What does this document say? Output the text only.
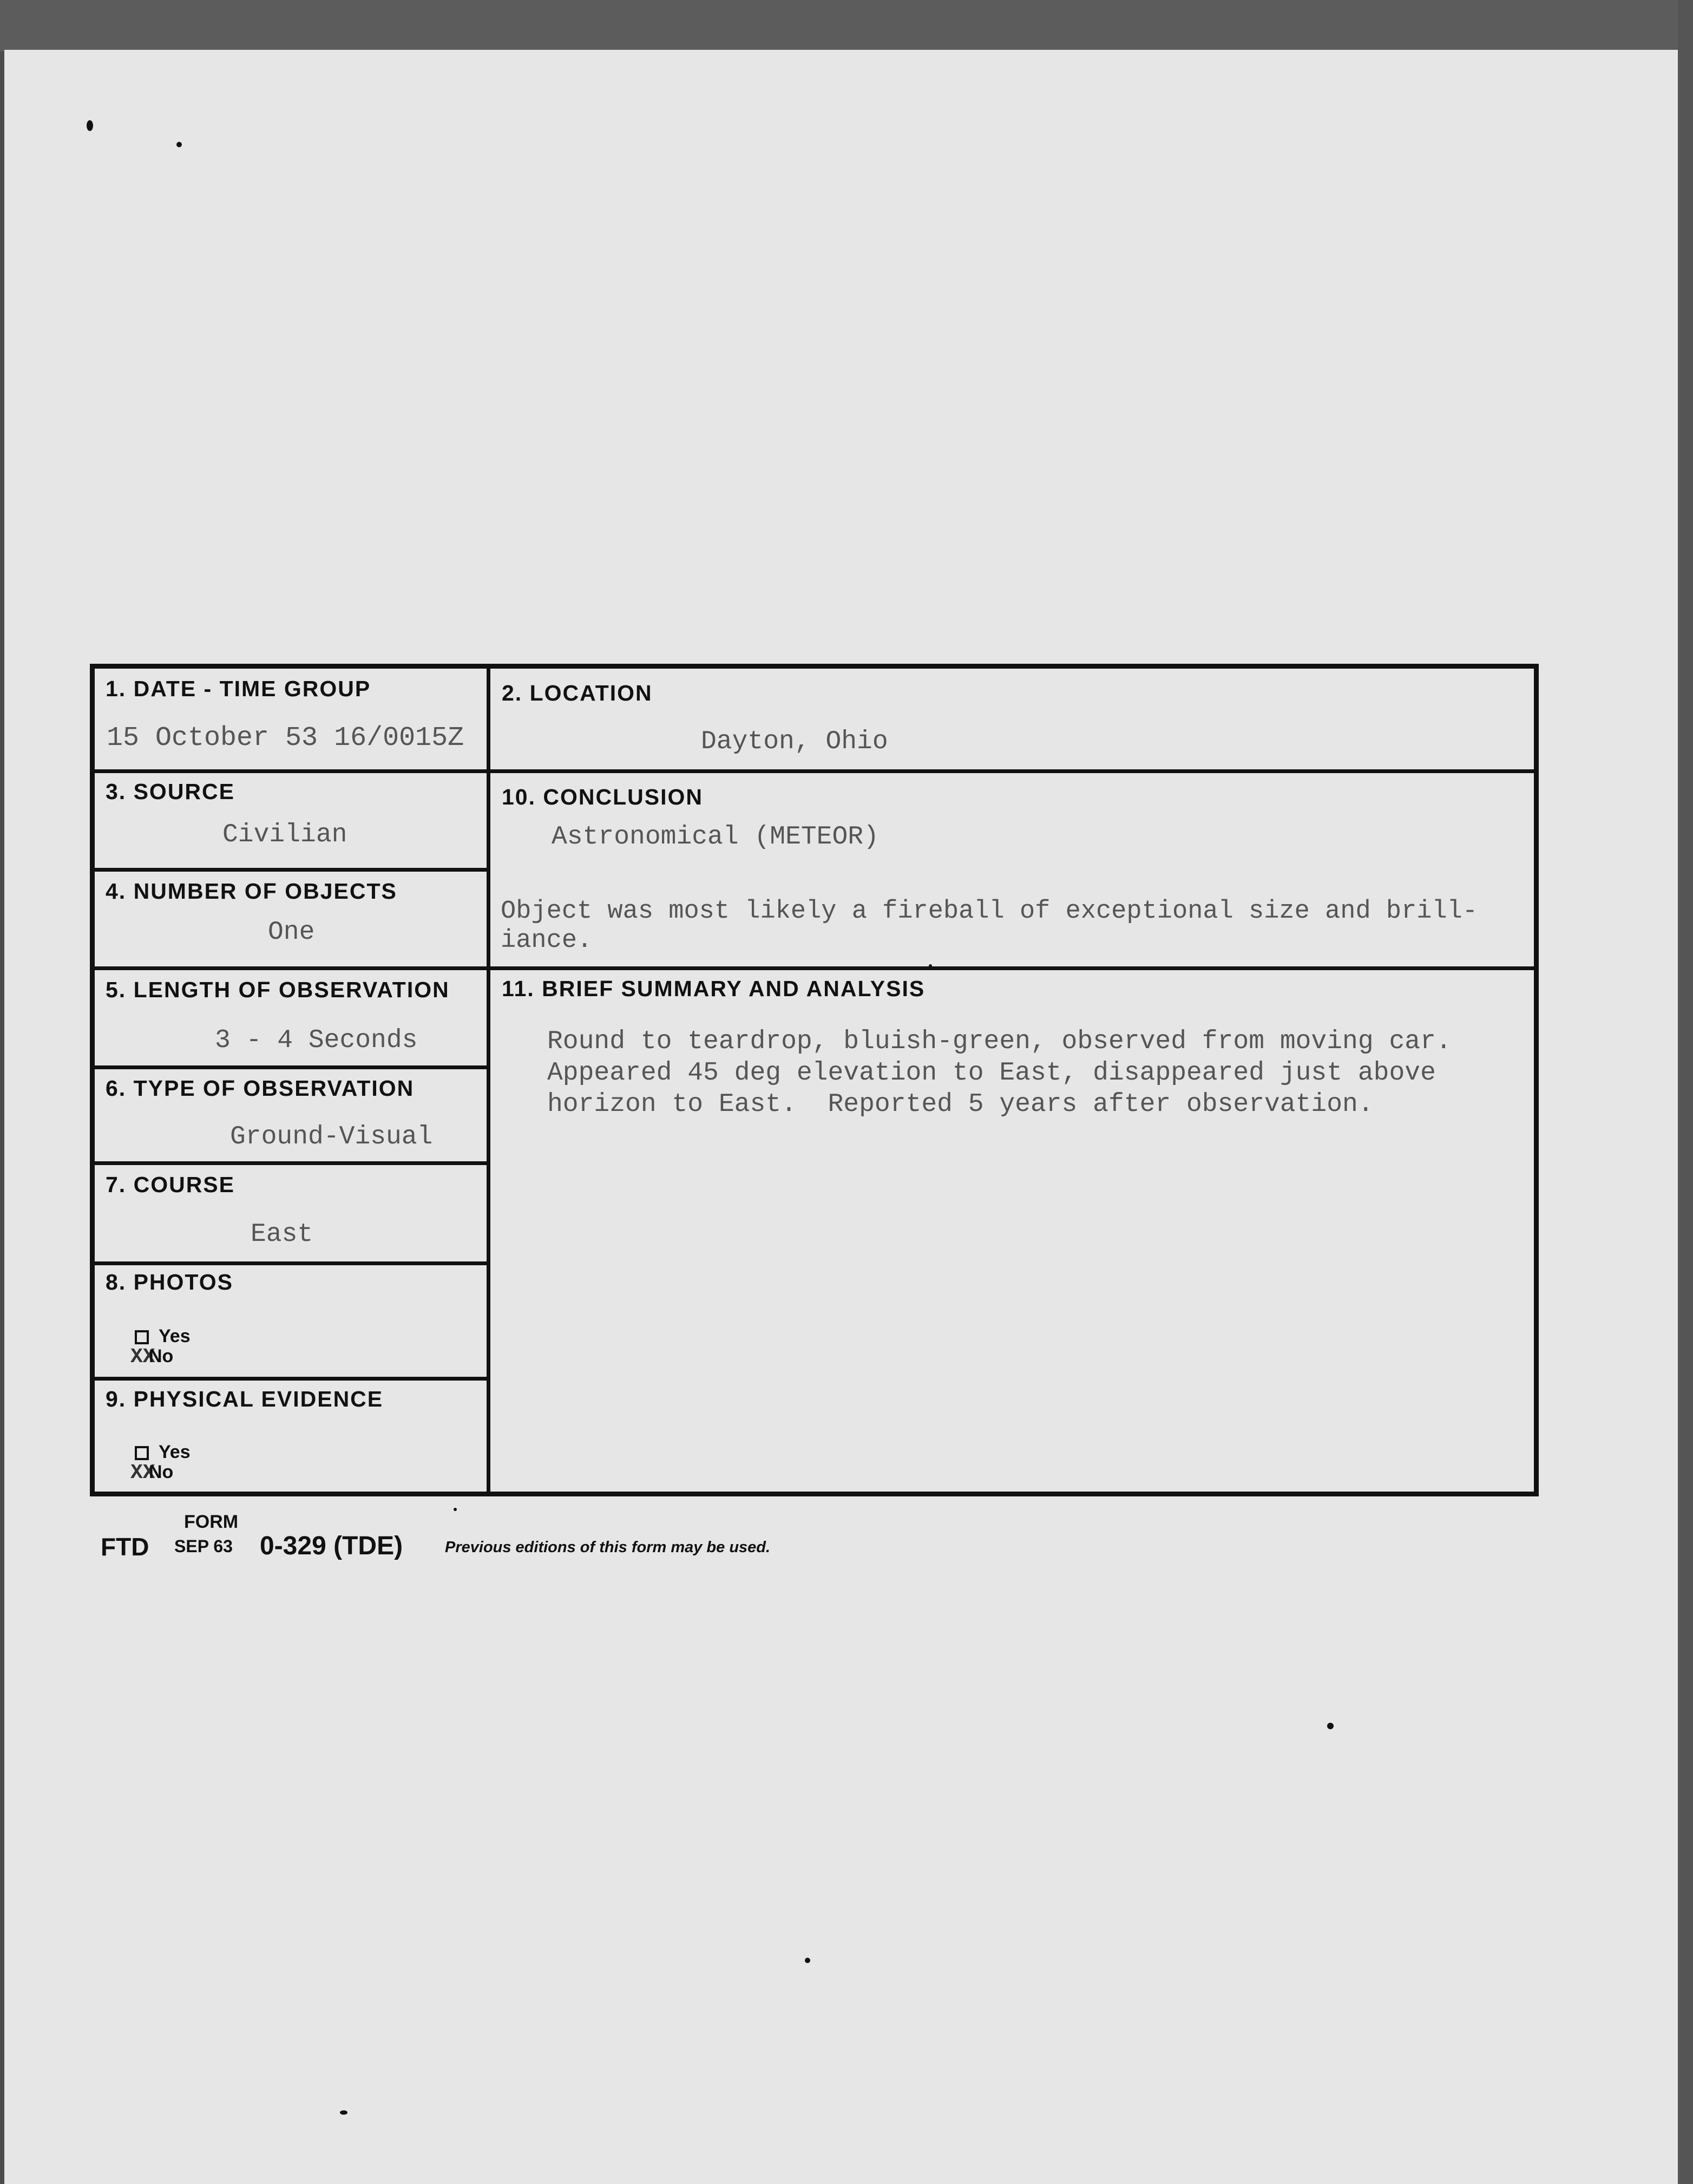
1. DATE - TIME GROUP
15 October 53 16/0015Z
2. LOCATION
Dayton, Ohio
3. SOURCE
Civilian
4. NUMBER OF OBJECTS
One
5. LENGTH OF OBSERVATION
3 - 4 Seconds
6. TYPE OF OBSERVATION
Ground-Visual
7. COURSE
East
8. PHOTOS
Yes
XXNo
9. PHYSICAL EVIDENCE
Yes
XXNo
10. CONCLUSION
Astronomical (METEOR)
Object was most likely a fireball of exceptional size and brill-
iance.
11. BRIEF SUMMARY AND ANALYSIS
Round to teardrop, bluish-green, observed from moving car.
Appeared 45 deg elevation to East, disappeared just above
horizon to East.  Reported 5 years after observation.
FORM
FTD SEP 63 0-329 (TDE)	Previous editions of this form may be used.
